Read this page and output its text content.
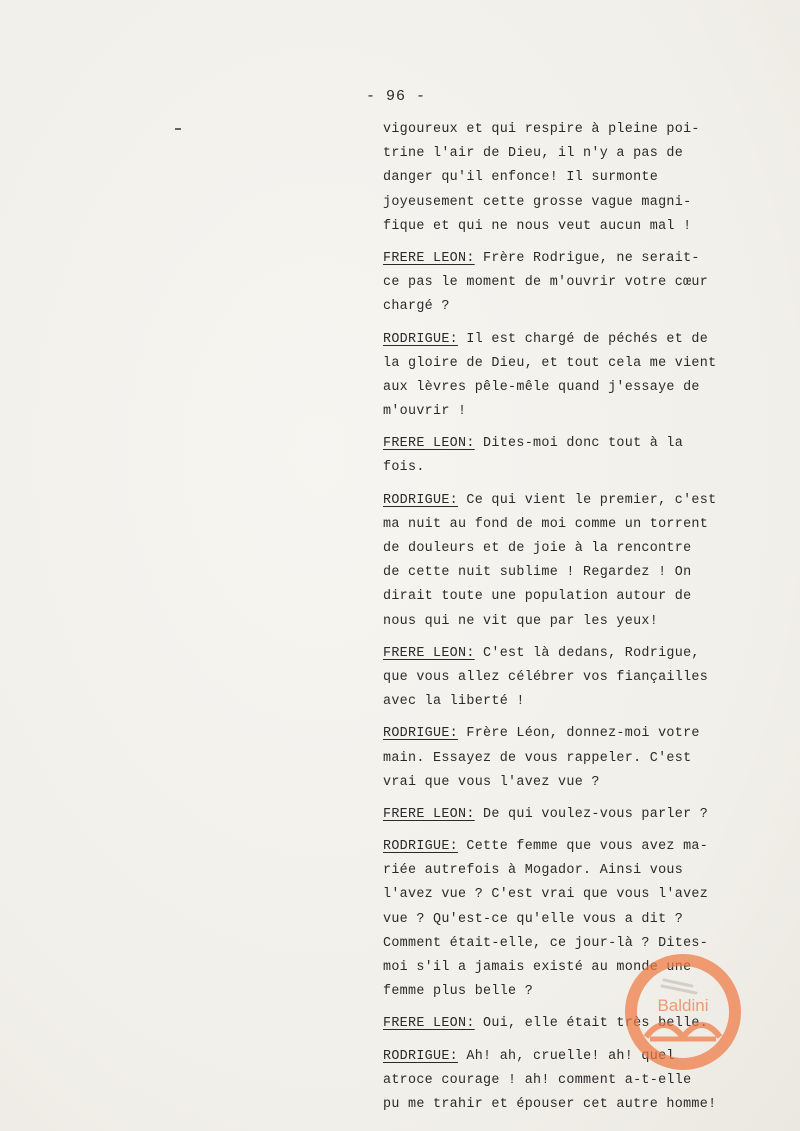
- 96 -
vigoureux et qui respire à pleine poi-
trine l'air de Dieu, il n'y a pas de
danger qu'il enfonce! Il surmonte
joyeusement cette grosse vague magni-
fique et qui ne nous veut aucun mal !
FRERE LEON: Frère Rodrigue, ne serait-
ce pas le moment de m'ouvrir votre cœur
chargé ?
RODRIGUE: Il est chargé de péchés et de
la gloire de Dieu, et tout cela me vient
aux lèvres pêle-mêle quand j'essaye de
m'ouvrir !
FRERE LEON: Dites-moi donc tout à la
fois.
RODRIGUE: Ce qui vient le premier, c'est
ma nuit au fond de moi comme un torrent
de douleurs et de joie à la rencontre
de cette nuit sublime ! Regardez ! On
dirait toute une population autour de
nous qui ne vit que par les yeux!
FRERE LEON: C'est là dedans, Rodrigue,
que vous allez célébrer vos fiançailles
avec la liberté !
RODRIGUE: Frère Léon, donnez-moi votre
main. Essayez de vous rappeler. C'est
vrai que vous l'avez vue ?
FRERE LEON: De qui voulez-vous parler ?
RODRIGUE: Cette femme que vous avez ma-
riée autrefois à Mogador. Ainsi vous
l'avez vue ? C'est vrai que vous l'avez
vue ? Qu'est-ce qu'elle vous a dit ?
Comment était-elle, ce jour-là ? Dites-
moi s'il a jamais existé au monde une
femme plus belle ?
FRERE LEON: Oui, elle était très belle.
RODRIGUE: Ah! ah, cruelle! ah! quel
atroce courage ! ah! comment a-t-elle
pu me trahir et épouser cet autre homme!
Baldini
